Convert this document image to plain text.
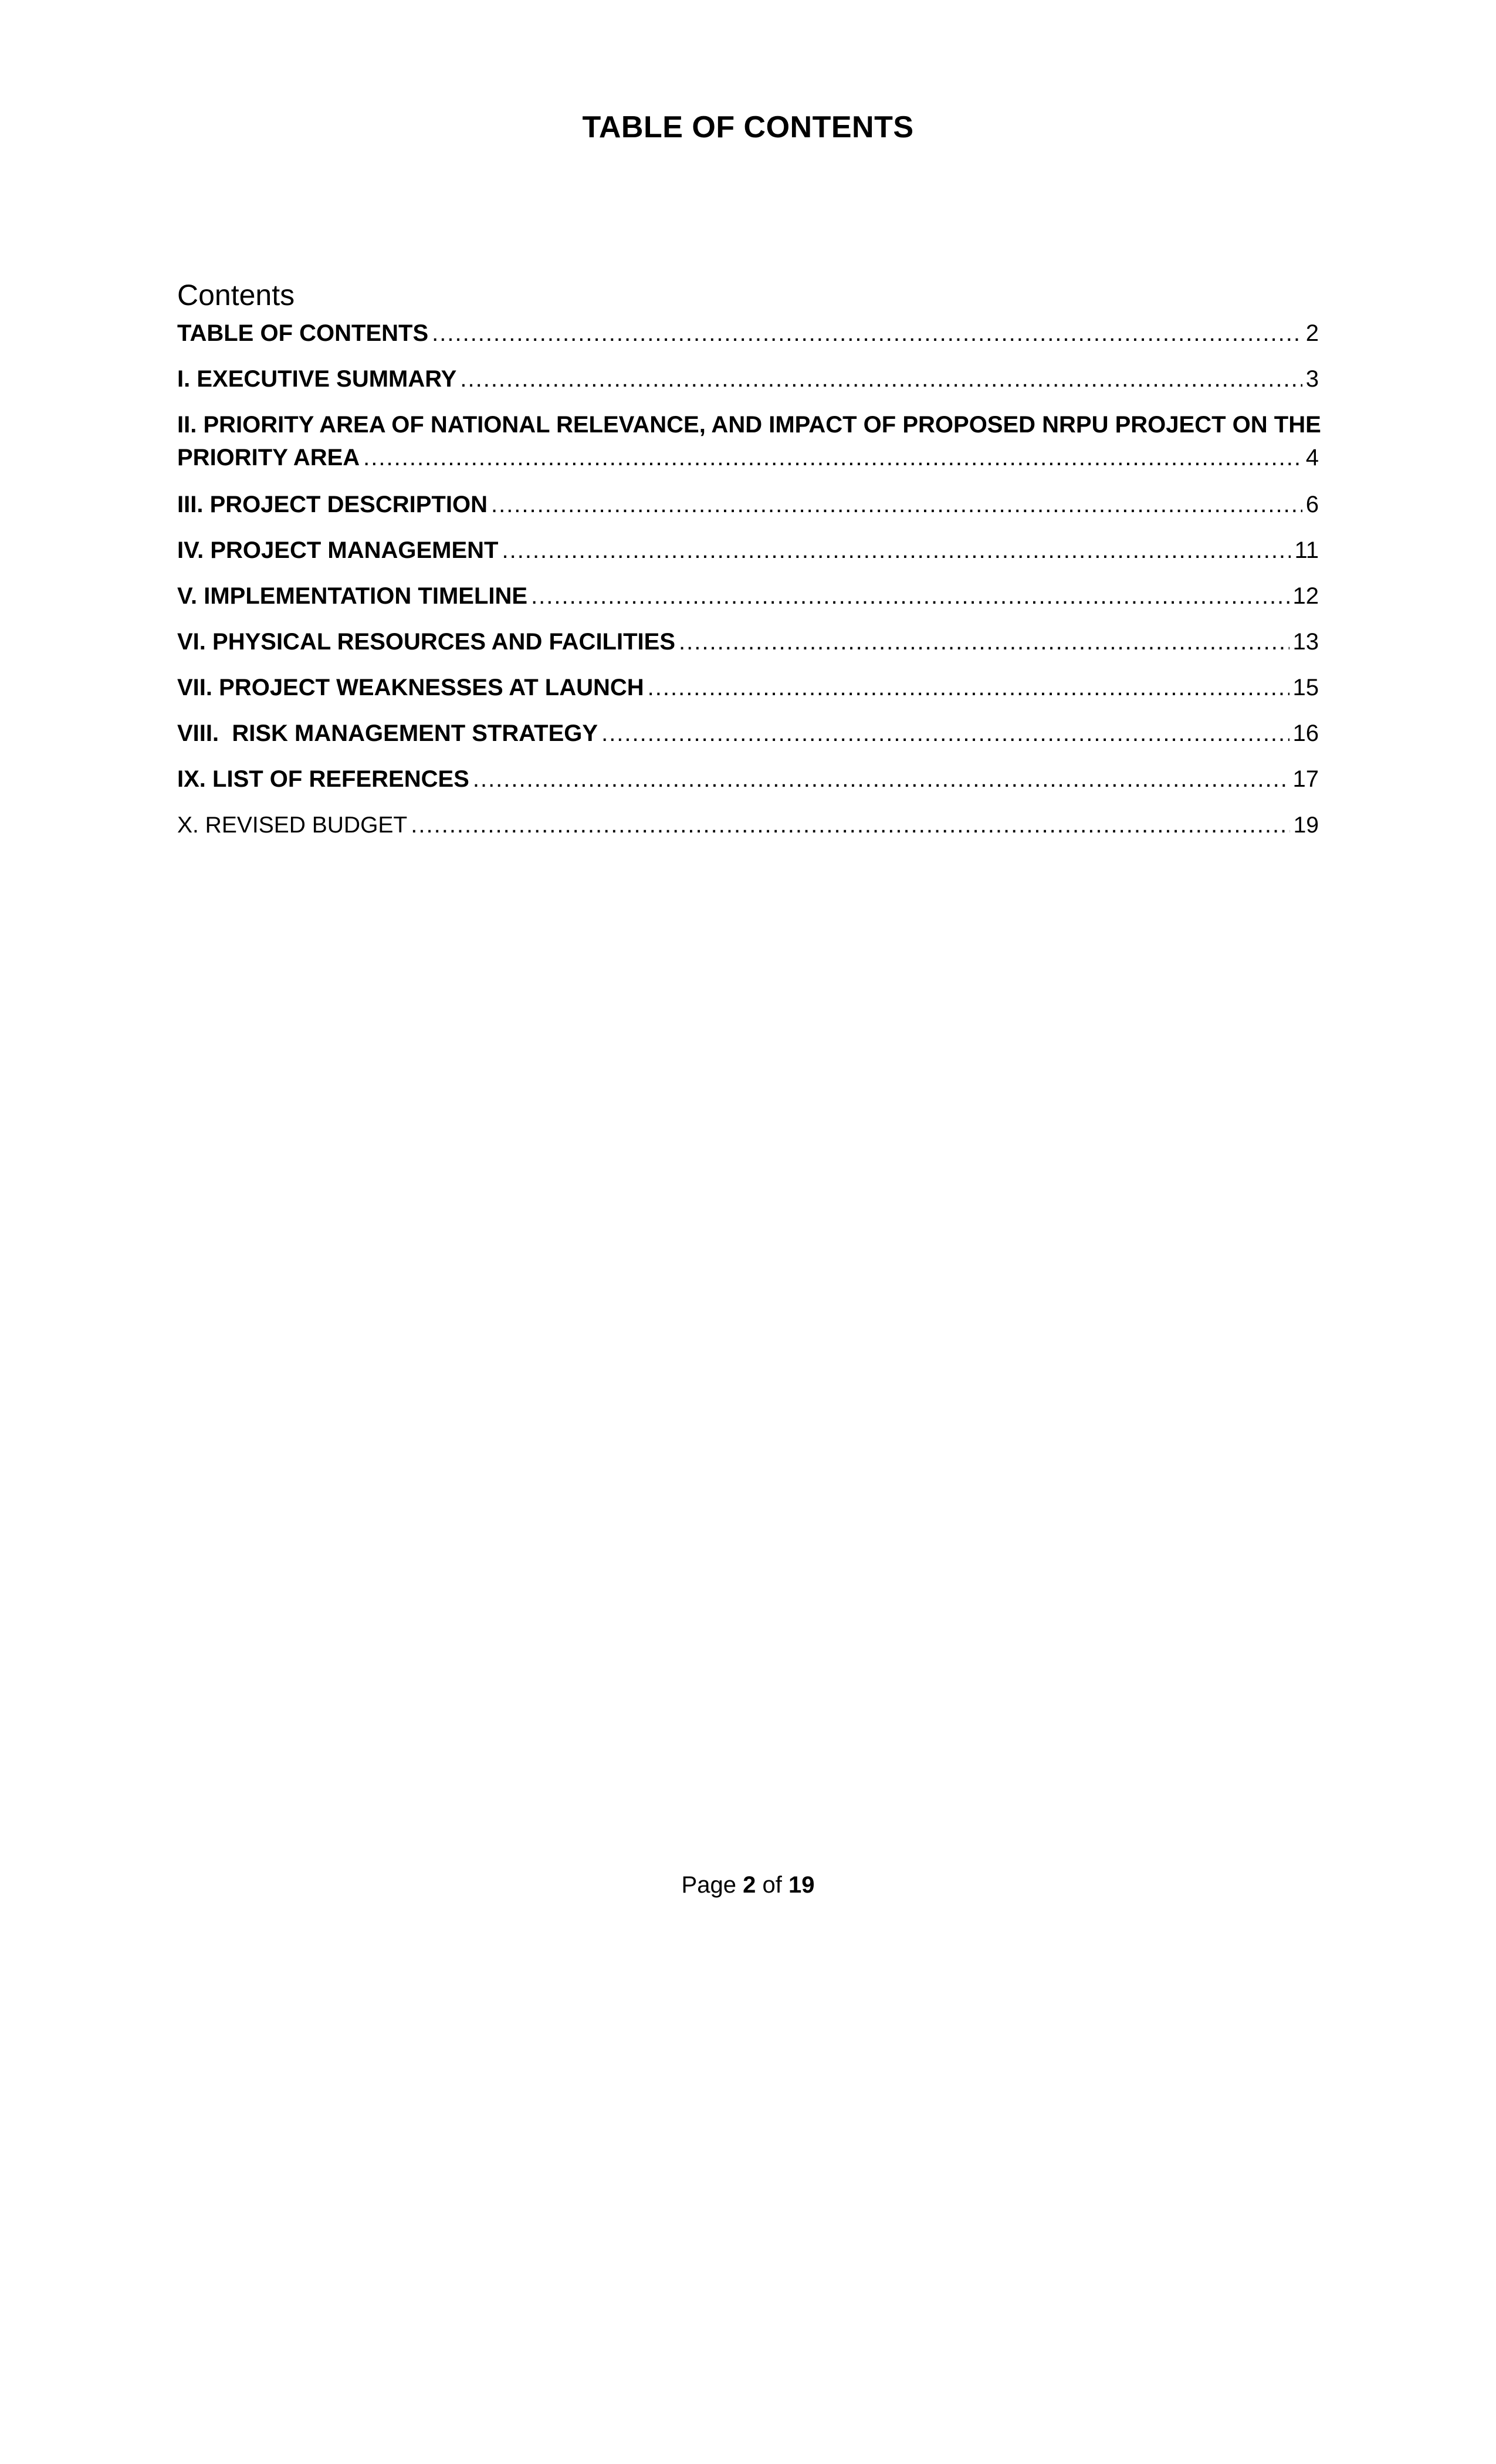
TABLE OF CONTENTS
Contents
TABLE OF CONTENTS .....	2
I. EXECUTIVE SUMMARY .....	3
II. PRIORITY AREA OF NATIONAL RELEVANCE, AND IMPACT OF PROPOSED NRPU PROJECT ON THE
PRIORITY AREA .....	4
III. PROJECT DESCRIPTION .....	6
IV. PROJECT MANAGEMENT .....	11
V. IMPLEMENTATION TIMELINE .....	12
VI. PHYSICAL RESOURCES AND FACILITIES .....	13
VII. PROJECT WEAKNESSES AT LAUNCH .....	15
VIII.  RISK MANAGEMENT STRATEGY .....	16
IX. LIST OF REFERENCES .....	17
X. REVISED BUDGET .....	19
Page 2 of 19
